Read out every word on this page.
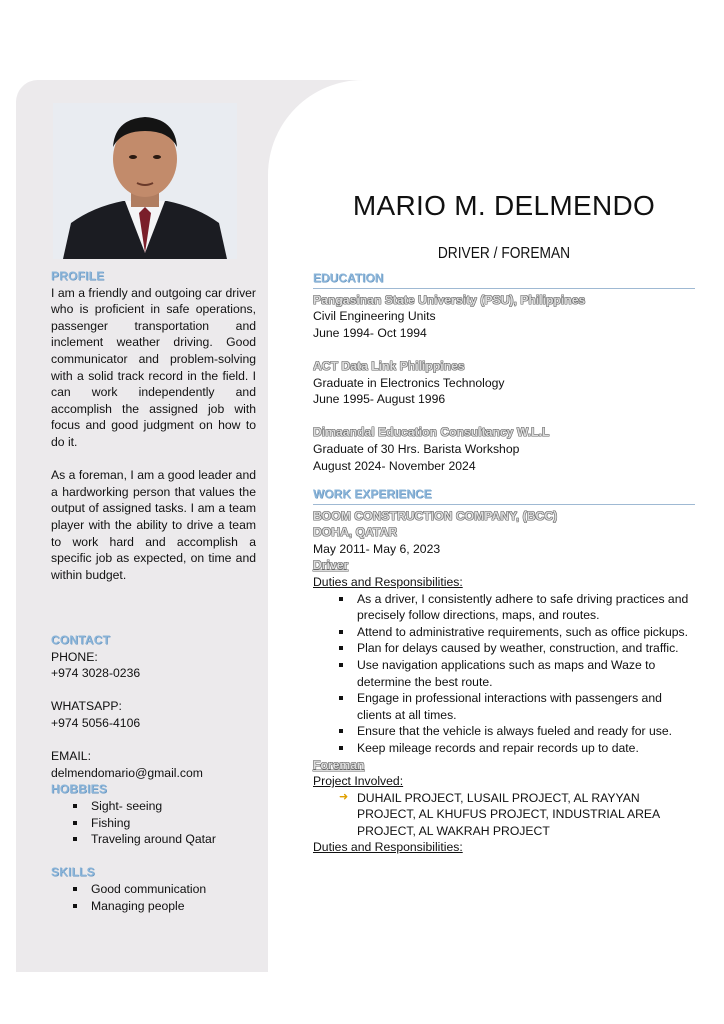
PROFILE

I am a friendly and outgoing car driver who is proficient in safe operations, passenger transportation and inclement weather driving. Good communicator and problem-solving with a solid track record in the field. I can work independently and accomplish the assigned job with focus and good judgment on how to do it.

As a foreman, I am a good leader and a hardworking person that values the output of assigned tasks. I am a team player with the ability to drive a team to work hard and accomplish a specific job as expected, on time and within budget.

CONTACT
PHONE:
+974 3028-0236
WHATSAPP:
+974 5056-4106
EMAIL:
delmendomario@gmail.com
HOBBIES
Sight- seeing
Fishing
Traveling around Qatar
SKILLS
Good communication
Managing people
MARIO M. DELMENDO
DRIVER / FOREMAN
EDUCATION
Pangasinan State University (PSU), Philippines
Civil Engineering Units
June 1994- Oct 1994
ACT Data Link Philippines
Graduate in Electronics Technology
June 1995- August 1996
Dimaandal Education Consultancy W.L.L
Graduate of 30 Hrs. Barista Workshop
August 2024- November 2024
WORK EXPERIENCE
BOOM CONSTRUCTION COMPANY, (BCC)
DOHA, QATAR
May 2011- May 6, 2023
Driver
Duties and Responsibilities:
As a driver, I consistently adhere to safe driving practices and precisely follow directions, maps, and routes.
Attend to administrative requirements, such as office pickups.
Plan for delays caused by weather, construction, and traffic.
Use navigation applications such as maps and Waze to determine the best route.
Engage in professional interactions with passengers and clients at all times.
Ensure that the vehicle is always fueled and ready for use.
Keep mileage records and repair records up to date.
Foreman
Project Involved:
➜ DUHAIL PROJECT, LUSAIL PROJECT, AL RAYYAN PROJECT, AL KHUFUS PROJECT, INDUSTRIAL AREA PROJECT, AL WAKRAH PROJECT
Duties and Responsibilities:
